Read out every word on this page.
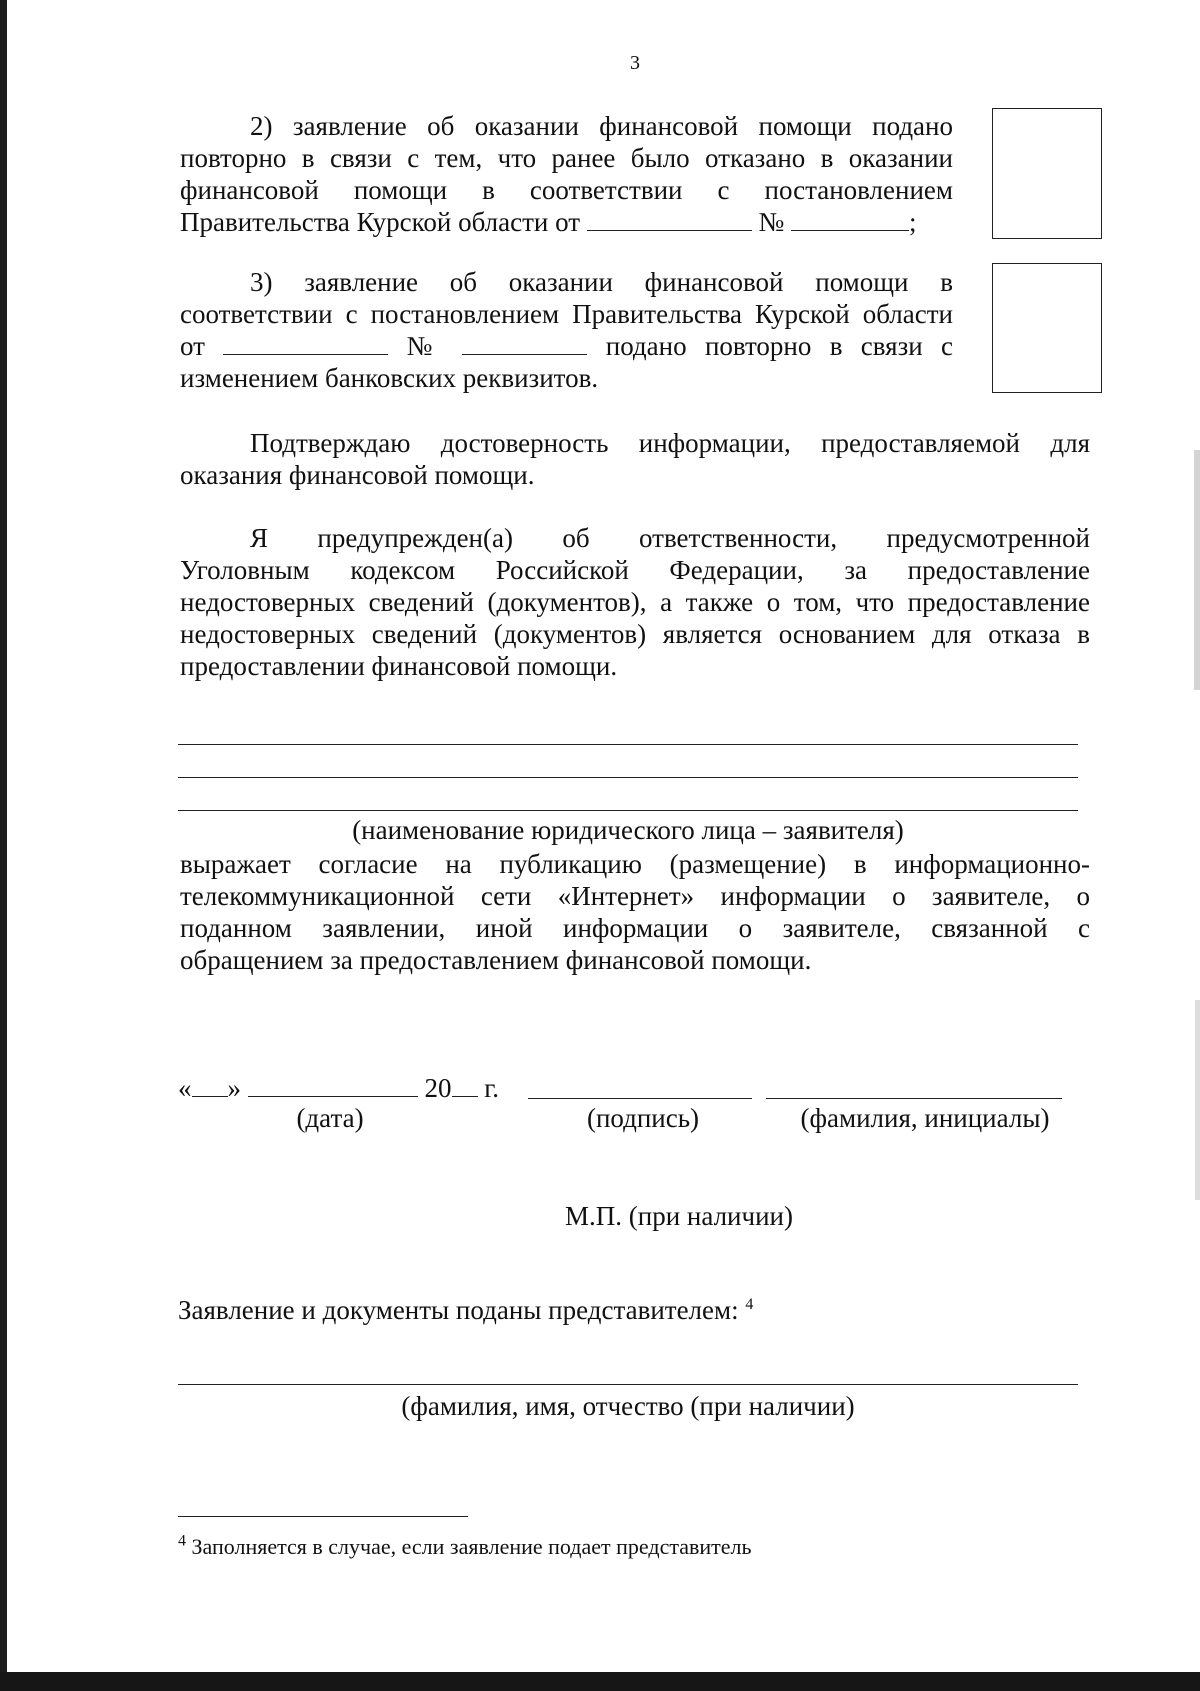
3
2) заявление об оказании финансовой помощи подано
повторно в связи с тем, что ранее было отказано в оказании
финансовой помощи в соответствии с постановлением
Правительства Курской области от	№	;
3) заявление об оказании финансовой помощи в
соответствии с постановлением Правительства Курской области
от	№	подано повторно в связи с
изменением банковских реквизитов.
Подтверждаю достоверность информации, предоставляемой для
оказания финансовой помощи.
Я предупрежден(а) об ответственности, предусмотренной
Уголовным кодексом Российской Федерации, за предоставление
недостоверных сведений (документов), а также о том, что предоставление
недостоверных сведений (документов) является основанием для отказа в
предоставлении финансовой помощи.
(наименование юридического лица – заявителя)
выражает согласие на публикацию (размещение) в информационно-
телекоммуникационной сети «Интернет» информации о заявителе, о
поданном заявлении, иной информации о заявителе, связанной с
обращением за предоставлением финансовой помощи.
« »	20 г.
(дата)	(подпись)	(фамилия, инициалы)
М.П. (при наличии)
Заявление и документы поданы представителем: $^4$
(фамилия, имя, отчество (при наличии)
$^4$ Заполняется в случае, если заявление подает представитель
